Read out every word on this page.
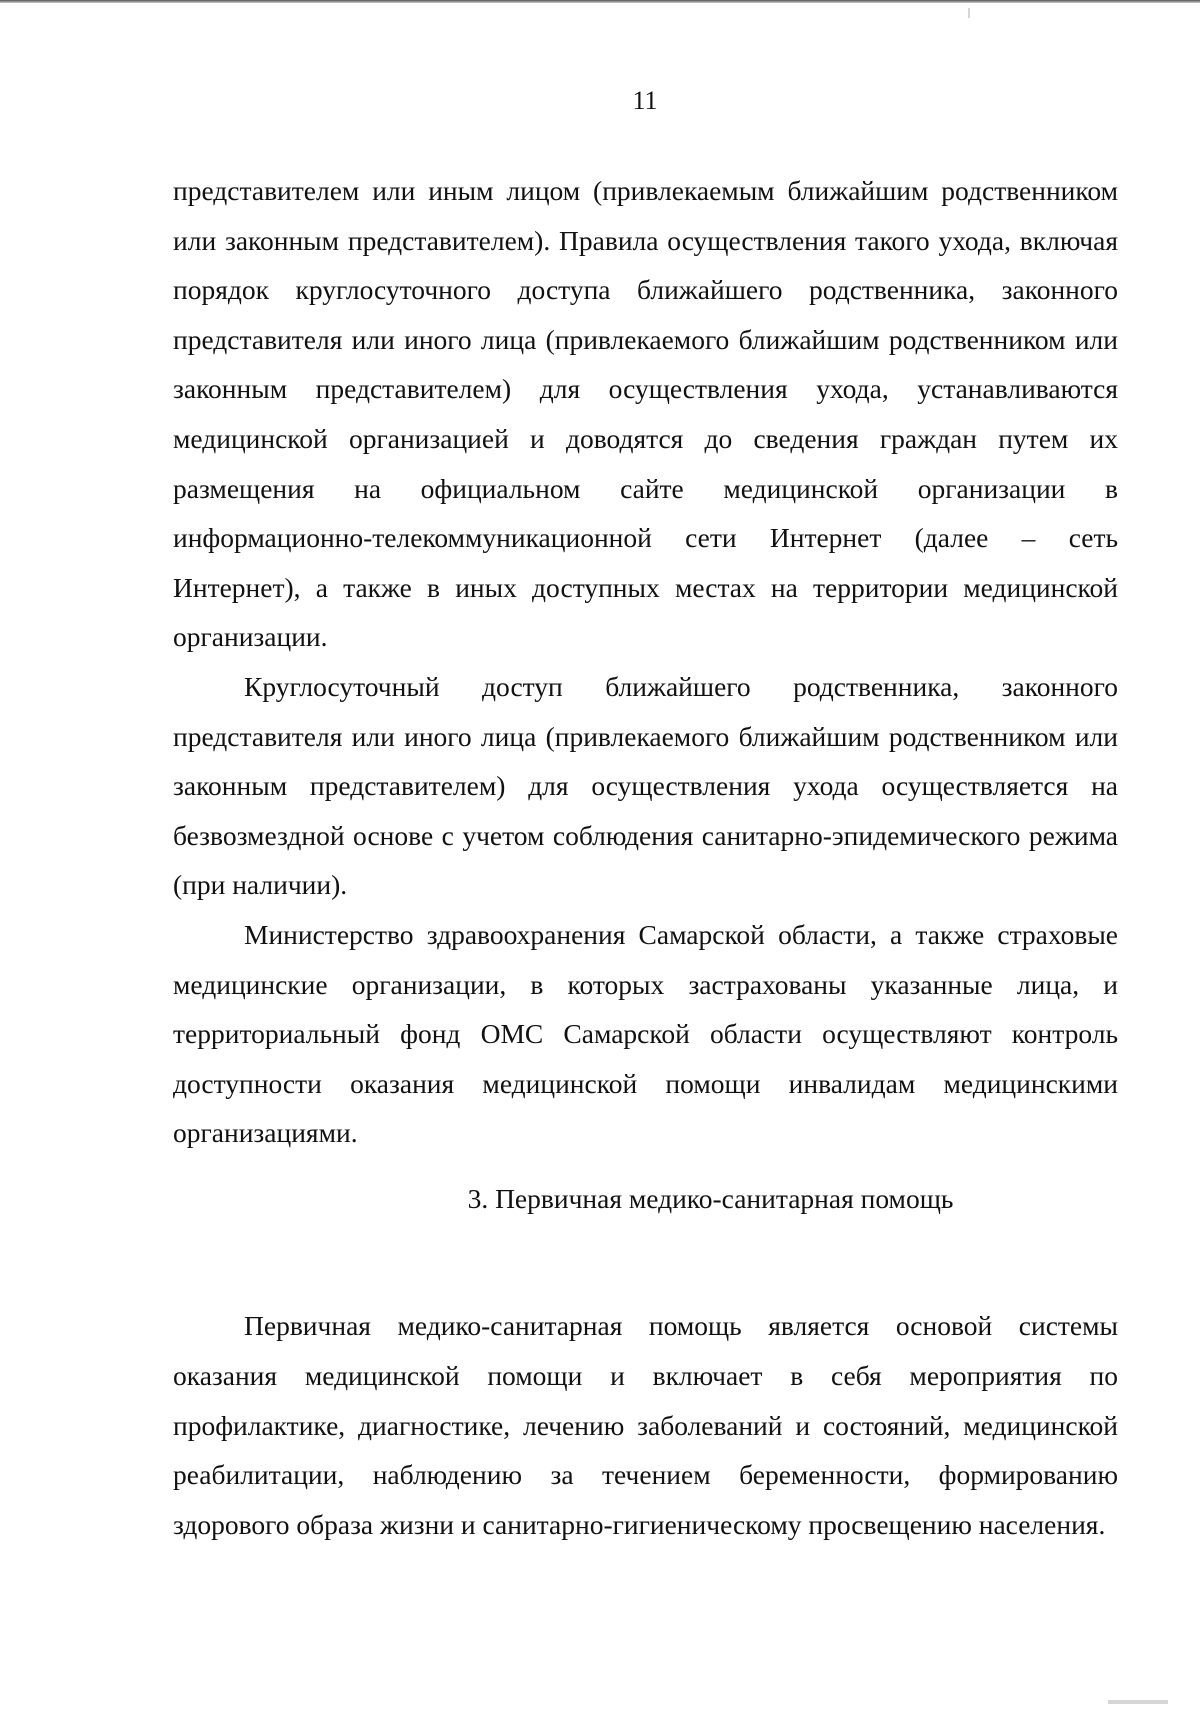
11

представителем или иным лицом (привлекаемым ближайшим родственником или законным представителем). Правила осуществления такого ухода, включая порядок круглосуточного доступа ближайшего родственника, законного представителя или иного лица (привлекаемого ближайшим родственником или законным представителем) для осуществления ухода, устанавливаются медицинской организацией и доводятся до сведения граждан путем их размещения на официальном сайте медицинской организации в информационно-телекоммуникационной сети Интернет (далее – сеть Интернет), а также в иных доступных местах на территории медицинской организации.

Круглосуточный доступ ближайшего родственника, законного представителя или иного лица (привлекаемого ближайшим родственником или законным представителем) для осуществления ухода осуществляется на безвозмездной основе с учетом соблюдения санитарно-эпидемического режима (при наличии).

Министерство здравоохранения Самарской области, а также страховые медицинские организации, в которых застрахованы указанные лица, и территориальный фонд ОМС Самарской области осуществляют контроль доступности оказания медицинской помощи инвалидам медицинскими организациями.

3. Первичная медико-санитарная помощь

Первичная медико-санитарная помощь является основой системы оказания медицинской помощи и включает в себя мероприятия по профилактике, диагностике, лечению заболеваний и состояний, медицинской реабилитации, наблюдению за течением беременности, формированию здорового образа жизни и санитарно-гигиеническому просвещению населения.
